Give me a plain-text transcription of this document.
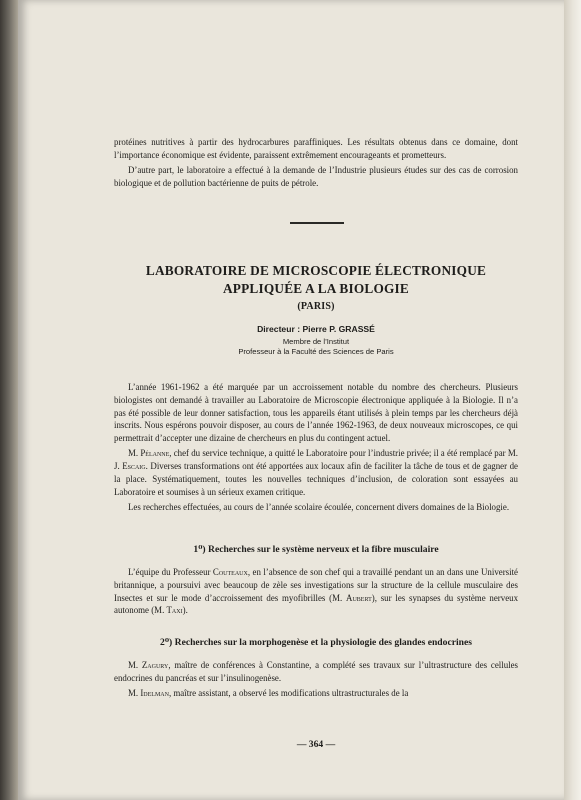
protéines nutritives à partir des hydrocarbures paraffiniques. Les résultats obtenus dans ce domaine, dont l’importance économique est évidente, paraissent extrêmement encourageants et prometteurs.

D’autre part, le laboratoire a effectué à la demande de l’Industrie plusieurs études sur des cas de corrosion biologique et de pollution bactérienne de puits de pétrole.

LABORATOIRE DE MICROSCOPIE ÉLECTRONIQUE
APPLIQUÉE A LA BIOLOGIE
(PARIS)
Directeur : Pierre P. GRASSÉ
Membre de l’Institut
Professeur à la Faculté des Sciences de Paris

L’année 1961-1962 a été marquée par un accroissement notable du nombre des chercheurs. Plusieurs biologistes ont demandé à travailler au Laboratoire de Microscopie électronique appliquée à la Biologie. Il n’a pas été possible de leur donner satisfaction, tous les appareils étant utilisés à plein temps par les chercheurs déjà inscrits. Nous espérons pouvoir disposer, au cours de l’année 1962-1963, de deux nouveaux microscopes, ce qui permettrait d’accepter une dizaine de chercheurs en plus du contingent actuel.

M. Pélanne, chef du service technique, a quitté le Laboratoire pour l’industrie privée; il a été remplacé par M. J. Escaig. Diverses transformations ont été apportées aux locaux afin de faciliter la tâche de tous et de gagner de la place. Systématiquement, toutes les nouvelles techniques d’inclusion, de coloration sont essayées au Laboratoire et soumises à un sérieux examen critique.

Les recherches effectuées, au cours de l’année scolaire écoulée, concernent divers domaines de la Biologie.

1⁰) Recherches sur le système nerveux et la fibre musculaire

L’équipe du Professeur Couteaux, en l’absence de son chef qui a travaillé pendant un an dans une Université britannique, a poursuivi avec beaucoup de zèle ses investigations sur la structure de la cellule musculaire des Insectes et sur le mode d’accroissement des myofibrilles (M. Aubert), sur les synapses du système nerveux autonome (M. Taxi).

2⁰) Recherches sur la morphogenèse et la physiologie des glandes endocrines

M. Zagury, maître de conférences à Constantine, a complété ses travaux sur l’ultrastructure des cellules endocrines du pancréas et sur l’insulinogenèse.

M. Idelman, maître assistant, a observé les modifications ultrastructurales de la

— 364 —
